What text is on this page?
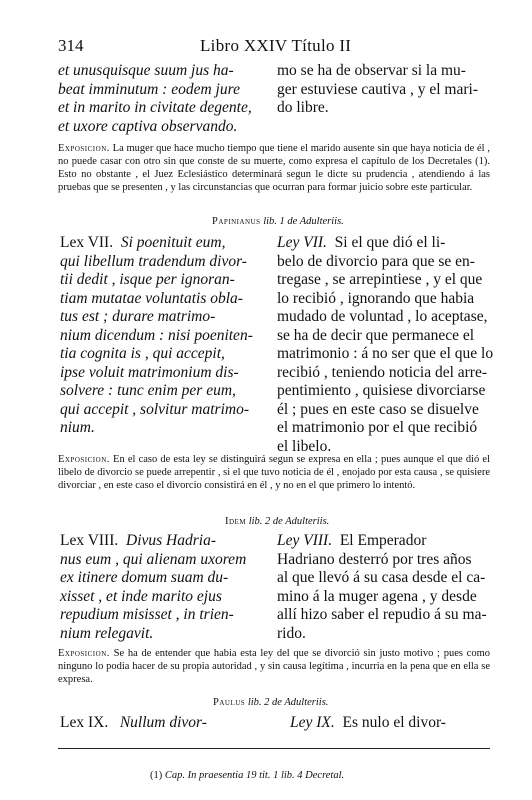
314	Libro XXIV Título II

et unusquisque suum jus ha-

beat imminutum : eodem jure

et in marito in civitate degente,

et uxore captiva observando.

mo se ha de observar si la mu-

ger estuviese cautiva , y el mari-

do libre.

Exposicion. La muger que hace mucho tiempo que tiene el marido ausente sin que haya noticia de él , no puede casar con otro sin que conste de su muerte, como expresa el capítulo de los Decretales (1). Esto no obstante , el Juez Eclesiástico determinará segun le dicte su prudencia , atendiendo á las pruebas que se presenten , y las circunstancias que ocurran para formar juicio sobre este particular.
Papinianus lib. 1 de Adulteriis.

Lex VII. Si poenituit eum,

qui libellum tradendum divor-

tii dedit , isque per ignoran-

tiam mutatae voluntatis oblа-

tus est ; durare matrimo-

nium dicendum : nisi poeniten-

tia cognita is , qui accepit,

ipse voluit matrimonium dis-

solvere : tunc enim per eum,

qui accepit , solvitur matrimo-

nium.

Ley VII. Si el que dió el li-

belo de divorcio para que se en-

tregase , se arrepintiese , y el que

lo recibió , ignorando que habia

mudado de voluntad , lo aceptase,

se ha de decir que permanece el

matrimonio : á no ser que el que lo

recibió , teniendo noticia del arre-

pentimiento , quisiese divorciarse

él ; pues en este caso se disuelve

el matrimonio por el que recibió

el libelo.

Exposicion. En el caso de esta ley se distinguirá segun se expresa en ella ; pues aunque el que dió el libelo de divorcio se puede arrepentir , si el que tuvo noticia de él , enojado por esta causa , se quisiere divorciar , en este caso el divorcio consistirá en él , y no en el que primero lo intentó.
Idem lib. 2 de Adulteriis.

Lex VIII. Divus Hadria-

nus eum , qui alienam uxorem

ex itinere domum suam du-

xisset , et inde marito ejus

repudium misisset , in trien-

nium relegavit.

Ley VIII. El Emperador

Hadriano desterró por tres años

al que llevó á su casa desde el ca-

mino á la muger agena , y desde

allí hizo saber el repudio á su ma-

rido.

Exposicion. Se ha de entender que habia esta ley del que se divorció sin justo motivo ; pues como ninguno lo podia hacer de su propia autoridad , y sin causa legítima , incurria en la pena que en ella se expresa.
Paulus lib. 2 de Adulteriis.

Lex IX. Nullum divor-	Ley IX. Es nulo el divor-

(1) Cap. In praesentia 19 tit. 1 lib. 4 Decretal.
